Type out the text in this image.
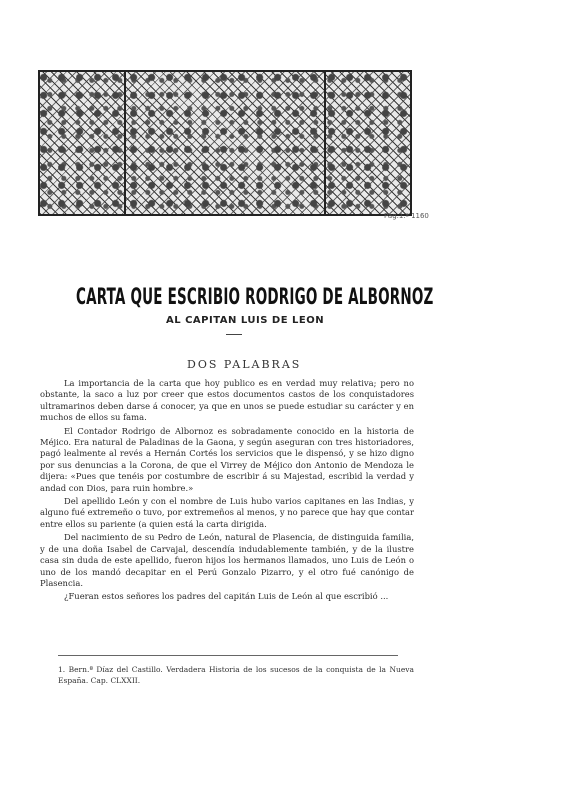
Pag.1.ª 1160
CARTA QUE ESCRIBIO RODRIGO DE ALBORNOZ
AL CAPITAN LUIS DE LEON
DOS PALABRAS

La importancia de la carta que hoy publico es en verdad muy relativa; pero no obstante, la saco a luz por creer que estos documentos castos de los conquistadores ultramarinos deben darse á conocer, ya que en unos se puede estudiar su carácter y en muchos de ellos su fama.

El Contador Rodrigo de Albornoz es sobradamente conocido en la historia de Méjico. Era natural de Paladinas de la Gaona, y según aseguran con tres historiadores, pagó lealmente al revés a Hernán Cortés los servicios que le dispensó, y se hizo digno por sus denuncias a la Corona, de que el Virrey de Méjico don Antonio de Mendoza le dijera: «Pues que tenéis por costumbre de escribir á su Majestad, escribid la verdad y andad con Dios, para ruin hombre.»

Del apellido León y con el nombre de Luis hubo varios capitanes en las Indias, y alguno fué extremeño o tuvo, por extremeños al menos, y no parece que hay que contar entre ellos su pariente (a quien está la carta dirigida.

Del nacimiento de su Pedro de León, natural de Plasencia, de distinguida familia, y de una doña Isabel de Carvajal, descendía indudablemente también, y de la ilustre casa sin duda de este apellido, fueron hijos los hermanos llamados, uno Luis de León o uno de los mandó decapitar en el Perú Gonzalo Pizarro, y el otro fué canónigo de Plasencia.

¿Fueran estos señores los padres del capitán Luis de León al que escribió ...

1. Bern.ª Díaz del Castillo. Verdadera Historia de los sucesos de la conquista de la Nueva España. Cap. CLXXII.
